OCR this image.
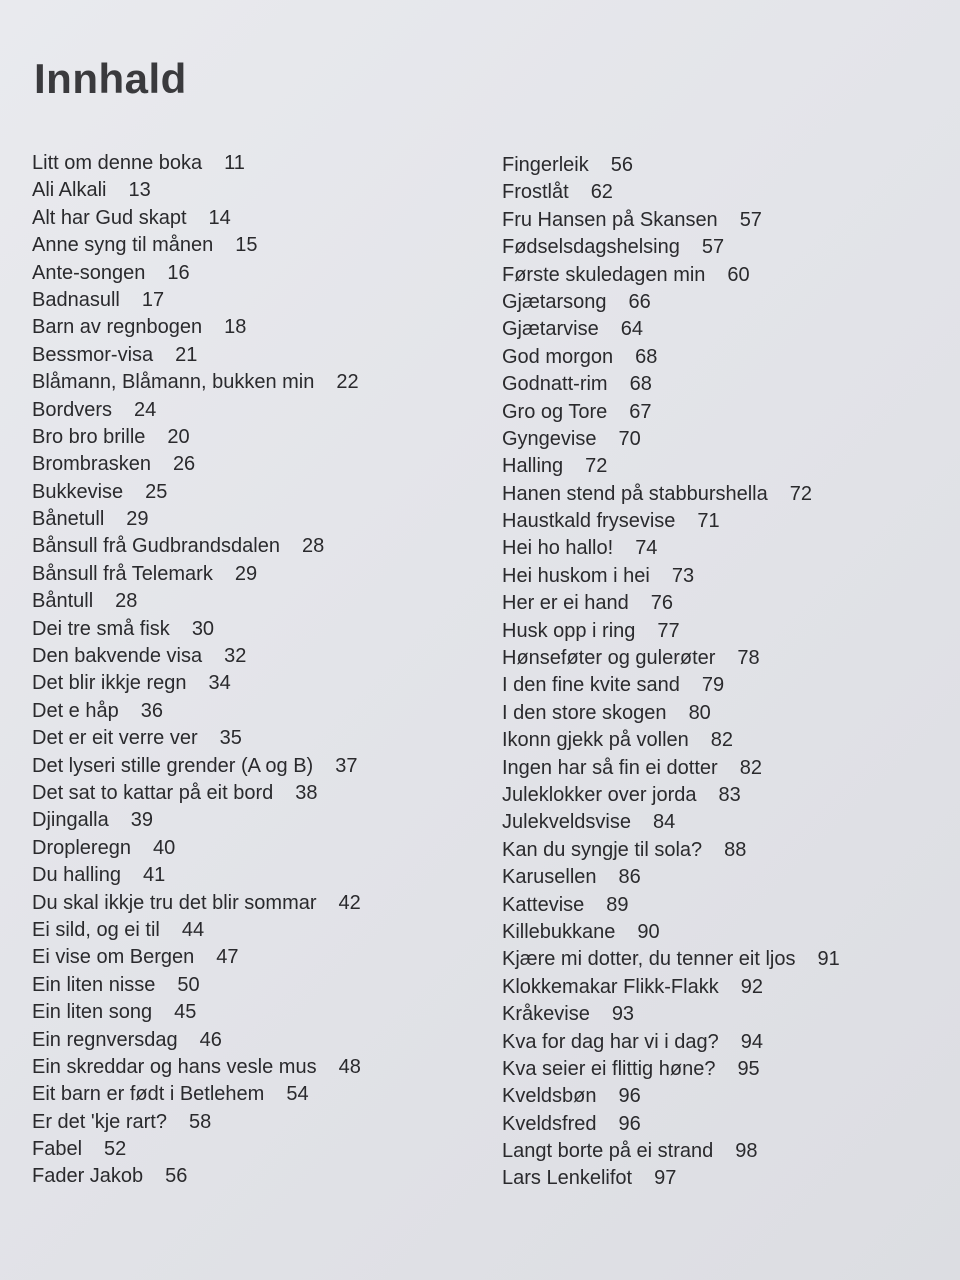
Innhald
Litt om denne boka 11
Ali Alkali 13
Alt har Gud skapt 14
Anne syng til månen 15
Ante-songen 16
Badnasull 17
Barn av regnbogen 18
Bessmor-visa 21
Blåmann, Blåmann, bukken min 22
Bordvers 24
Bro bro brille 20
Brombrasken 26
Bukkevise 25
Bånetull 29
Bånsull frå Gudbrandsdalen 28
Bånsull frå Telemark 29
Båntull 28
Dei tre små fisk 30
Den bakvende visa 32
Det blir ikkje regn 34
Det e håp 36
Det er eit verre ver 35
Det lyseri stille grender (A og B) 37
Det sat to kattar på eit bord 38
Djingalla 39
Dropleregn 40
Du halling 41
Du skal ikkje tru det blir sommar 42
Ei sild, og ei til 44
Ei vise om Bergen 47
Ein liten nisse 50
Ein liten song 45
Ein regnversdag 46
Ein skreddar og hans vesle mus 48
Eit barn er født i Betlehem 54
Er det 'kje rart? 58
Fabel 52
Fader Jakob 56
Fingerleik 56
Frostlåt 62
Fru Hansen på Skansen 57
Fødselsdagshelsing 57
Første skuledagen min 60
Gjætarsong 66
Gjætarvise 64
God morgon 68
Godnatt-rim 68
Gro og Tore 67
Gyngevise 70
Halling 72
Hanen stend på stabburshella 72
Haustkald frysevise 71
Hei ho hallo! 74
Hei huskom i hei 73
Her er ei hand 76
Husk opp i ring 77
Hønseføter og gulerøter 78
I den fine kvite sand 79
I den store skogen 80
Ikonn gjekk på vollen 82
Ingen har så fin ei dotter 82
Juleklokker over jorda 83
Julekveldsvise 84
Kan du syngje til sola? 88
Karusellen 86
Kattevise 89
Killebukkane 90
Kjære mi dotter, du tenner eit ljos 91
Klokkemakar Flikk-Flakk 92
Kråkevise 93
Kva for dag har vi i dag? 94
Kva seier ei flittig høne? 95
Kveldsbøn 96
Kveldsfred 96
Langt borte på ei strand 98
Lars Lenkelifot 97
